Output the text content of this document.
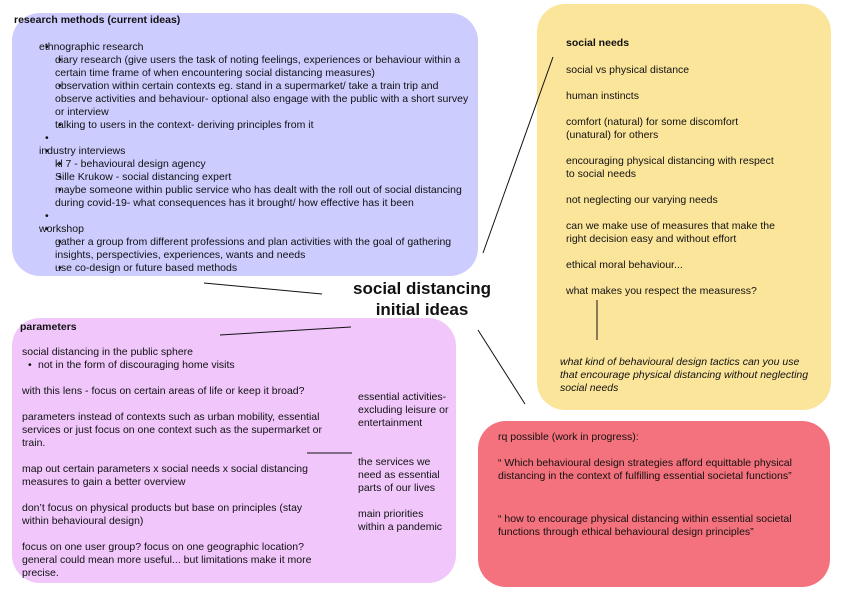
social distancing
initial ideas
research methods (current ideas)
• ethnographic research
• diary research (give users the task of noting feelings, experiences or behaviour within a certain time frame of when encountering social distancing measures)
• observation within certain contexts eg. stand in a supermarket/ take a train trip and observe activities and behaviour- optional also engage with the public with a short survey or interview
• talking to users in the context- deriving principles from it
•
• industry interviews
• kl 7 - behavioural design agency
• Sille Krukow - social distancing expert
• maybe someone within public service who has dealt with the roll out of social distancing during covid-19- what consequences has it brought/ how effective has it been
•
• workshop
• gather a group from different professions and plan activities with the goal of gathering insights, perspectivies, experiences, wants and needs
• use co-design or future based methods
parameters
social distancing in the public sphere
• not in the form of discouraging home visits
with this lens - focus on certain areas of life or keep it broad?
parameters instead of contexts such as urban mobility, essential services or just focus on one context such as the supermarket or train.
map out certain parameters x social needs x social distancing measures to gain a better overview
don’t focus on physical products but base on principles (stay within behavioural design)
focus on one user group? focus on one geographic location? general could mean more useful... but limitations make it more precise.
essential activities- excluding leisure or entertainment
the services we need as essential parts of our lives
main priorities within a pandemic
social needs
social vs physical distance
human instincts
comfort (natural) for some discomfort (unatural) for others
encouraging physical distancing with respect to social needs
not neglecting our varying needs
can we make use of measures that make the right decision easy and without effort
ethical moral behaviour...
what makes you respect the measuress?
what kind of behavioural design tactics can you use that encourage physical distancing without neglecting social needs
rq possible (work in progress):
“ Which behavioural design strategies afford equittable physical distancing in the context of fulfilling essential societal functions”
“ how to encourage physical distancing within essential societal functions through ethical behavioural design principles”
